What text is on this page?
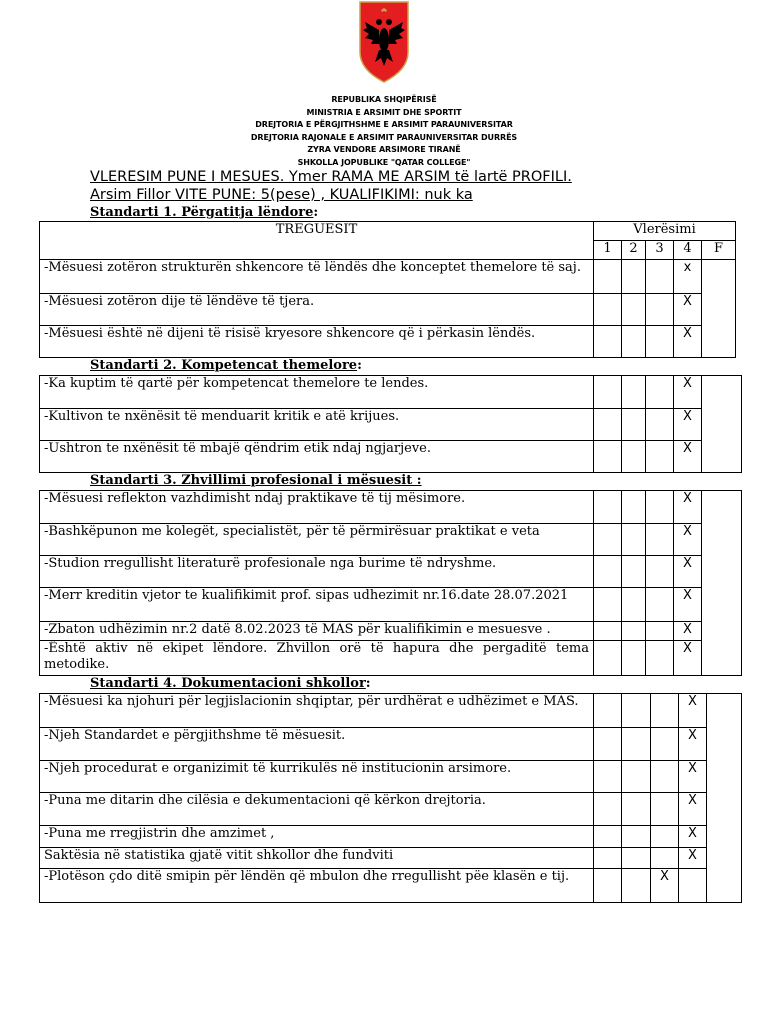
REPUBLIKA SHQIPËRISË
MINISTRIA E ARSIMIT DHE SPORTIT
DREJTORIA E PËRGJITHSHME E ARSIMIT PARAUNIVERSITAR
DREJTORIA RAJONALE E ARSIMIT PARAUNIVERSITAR DURRËS
ZYRA VENDORE ARSIMORE TIRANË
SHKOLLA JOPUBLIKE "QATAR COLLEGE"
VLERESIM PUNE I MESUES. Ymer RAMA ME ARSIM të lartë PROFILI.
Arsim Fillor VITE PUNE: 5(pese) , KUALIFIKIMI: nuk ka
Standarti 1. Përgatitja lëndore:
TREGUESIT	Vlerësimi				
	1	2	3	4	F
-Mësuesi zotëron strukturën shkencore të lëndës dhe konceptet themelore të saj.				x	
-Mësuesi zotëron dije të lëndëve të tjera.				X	
-Mësuesi është në dijeni të risisë kryesore shkencore që i përkasin lëndës.				X	
Standarti 2. Kompetencat themelore:
-Ka kuptim të qartë për kompetencat themelore te lendes.				X	
-Kultivon te nxënësit të menduarit kritik e atë krijues.				X	
-Ushtron te nxënësit të mbajë qëndrim etik ndaj ngjarjeve.				X	
Standarti 3. Zhvillimi profesional i mësuesit :
-Mësuesi reflekton vazhdimisht ndaj praktikave të tij mësimore.				X	
-Bashkëpunon me kolegët, specialistët, për të përmirësuar praktikat e veta				X	
-Studion rregullisht literaturë profesionale nga burime të ndryshme.				X	
-Merr kreditin vjetor te kualifikimit prof. sipas udhezimit nr.16.date 28.07.2021				X	
-Zbaton udhëzimin nr.2 datë 8.02.2023 të MAS për kualifikimin e mesuesve .				X	
-Është aktiv në ekipet lëndore. Zhvillon orë të hapura dhe pergaditë tema metodike.				X	
Standarti 4. Dokumentacioni shkollor:
-Mësuesi ka njohuri për legjislacionin shqiptar, për urdhërat e udhëzimet e MAS.				X	
-Njeh Standardet e përgjithshme të mësuesit.				X	
-Njeh procedurat e organizimit të kurrikulës në institucionin arsimore.				X	
-Puna me ditarin dhe cilësia e dekumentacioni që kërkon drejtoria.				X	
-Puna me rregjistrin dhe amzimet ,				X	
Saktësia në statistika gjatë vitit shkollor dhe fundviti				X	
-Plotëson çdo ditë smipin për lëndën që mbulon dhe rregullisht pëe klasën e tij.			X		
